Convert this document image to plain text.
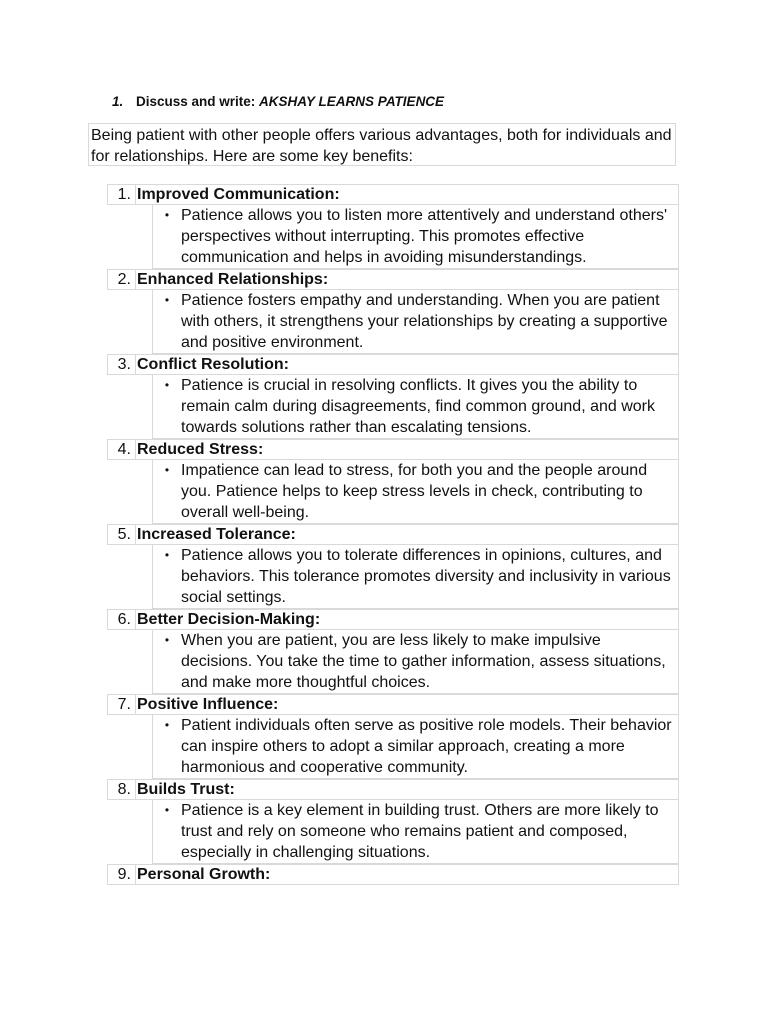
1. Discuss and write: AKSHAY LEARNS PATIENCE
Being patient with other people offers various advantages, both for individuals and for relationships. Here are some key benefits:
1. Improved Communication:
• Patience allows you to listen more attentively and understand others' perspectives without interrupting. This promotes effective communication and helps in avoiding misunderstandings.
2. Enhanced Relationships:
• Patience fosters empathy and understanding. When you are patient with others, it strengthens your relationships by creating a supportive and positive environment.
3. Conflict Resolution:
• Patience is crucial in resolving conflicts. It gives you the ability to remain calm during disagreements, find common ground, and work towards solutions rather than escalating tensions.
4. Reduced Stress:
• Impatience can lead to stress, for both you and the people around you. Patience helps to keep stress levels in check, contributing to overall well-being.
5. Increased Tolerance:
• Patience allows you to tolerate differences in opinions, cultures, and behaviors. This tolerance promotes diversity and inclusivity in various social settings.
6. Better Decision-Making:
• When you are patient, you are less likely to make impulsive decisions. You take the time to gather information, assess situations, and make more thoughtful choices.
7. Positive Influence:
• Patient individuals often serve as positive role models. Their behavior can inspire others to adopt a similar approach, creating a more harmonious and cooperative community.
8. Builds Trust:
• Patience is a key element in building trust. Others are more likely to trust and rely on someone who remains patient and composed, especially in challenging situations.
9. Personal Growth:
